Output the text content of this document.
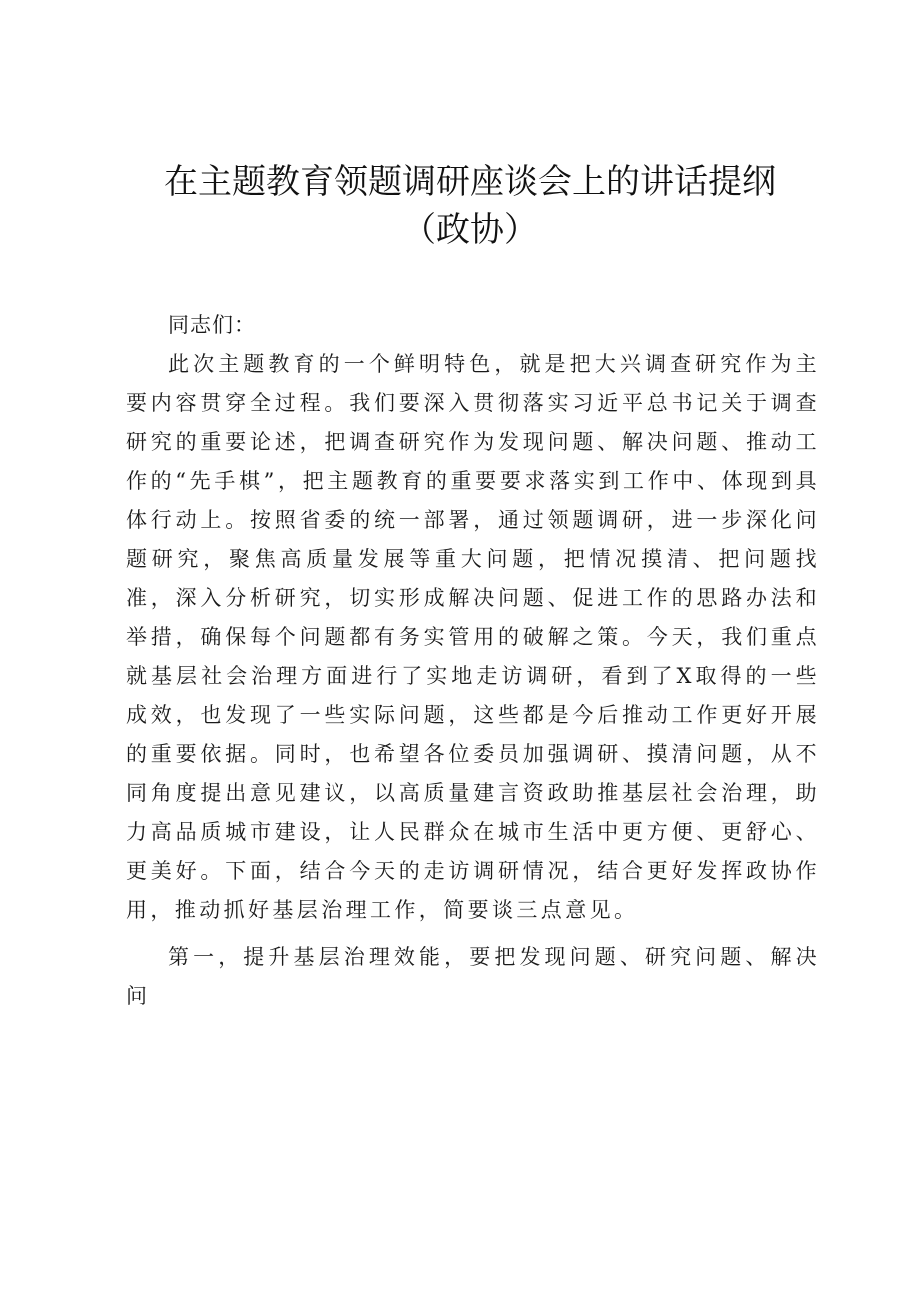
在主题教育领题调研座谈会上的讲话提纲
（政协）

同志们：

此次主题教育的一个鲜明特色，就是把大兴调查研究作为主要内容贯穿全过程。我们要深入贯彻落实习近平总书记关于调查研究的重要论述，把调查研究作为发现问题、解决问题、推动工作的“先手棋”，把主题教育的重要要求落实到工作中、体现到具体行动上。按照省委的统一部署，通过领题调研，进一步深化问题研究，聚焦高质量发展等重大问题，把情况摸清、把问题找准，深入分析研究，切实形成解决问题、促进工作的思路办法和举措，确保每个问题都有务实管用的破解之策。今天，我们重点就基层社会治理方面进行了实地走访调研，看到了X取得的一些成效，也发现了一些实际问题，这些都是今后推动工作更好开展的重要依据。同时，也希望各位委员加强调研、摸清问题，从不同角度提出意见建议，以高质量建言资政助推基层社会治理，助力高品质城市建设，让人民群众在城市生活中更方便、更舒心、更美好。下面，结合今天的走访调研情况，结合更好发挥政协作用，推动抓好基层治理工作，简要谈三点意见。

第一，提升基层治理效能，要把发现问题、研究问题、解决问
